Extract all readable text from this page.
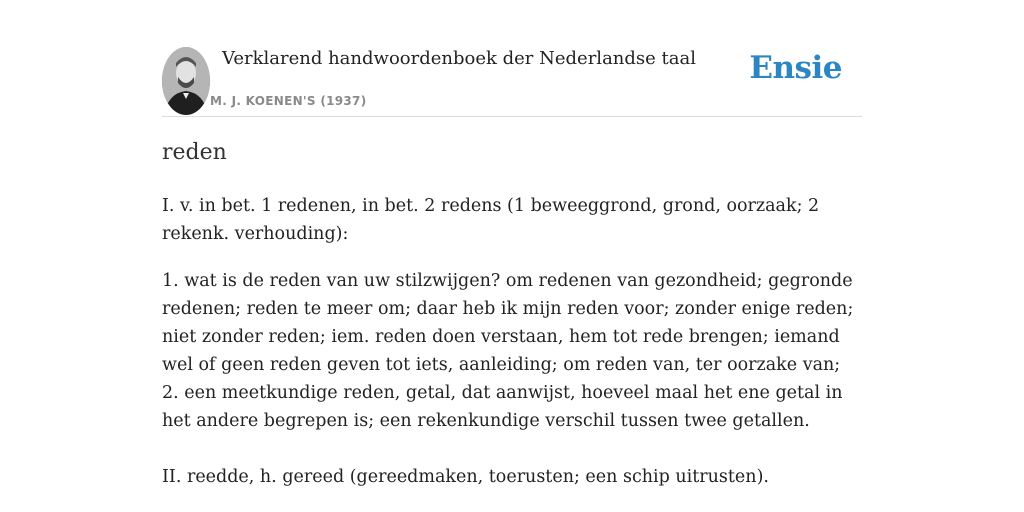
Verklarend handwoordenboek der Nederlandse taal
M. J. KOENEN'S (1937)
Ensie
reden

I. v. in bet. 1 redenen, in bet. 2 redens (1 beweeggrond, grond, oorzaak; 2 rekenk. verhouding):

1. wat is de reden van uw stilzwijgen? om redenen van gezondheid; gegronde redenen; reden te meer om; daar heb ik mijn reden voor; zonder enige reden; niet zonder reden; iem. reden doen verstaan, hem tot rede brengen; iemand wel of geen reden geven tot iets, aanleiding; om reden van, ter oorzake van;

2. een meetkundige reden, getal, dat aanwijst, hoeveel maal het ene getal in het andere begrepen is; een rekenkundige verschil tussen twee getallen.

II. reedde, h. gereed (gereedmaken, toerusten; een schip uitrusten).
